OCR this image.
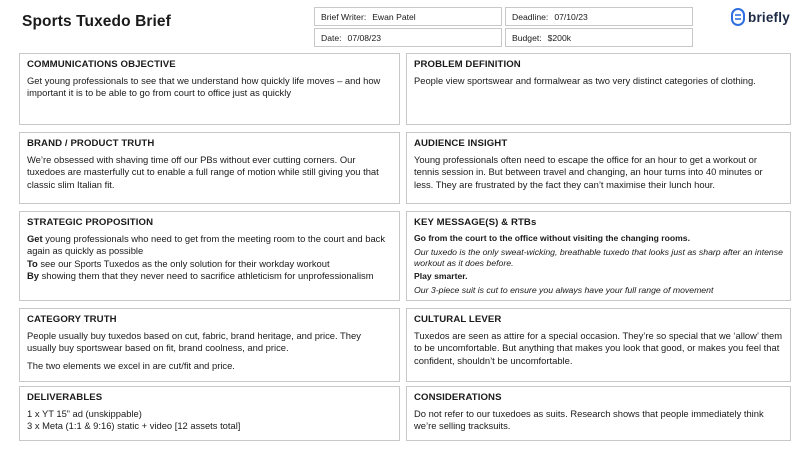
Sports Tuxedo Brief	Brief Writer: Ewan Patel	Deadline: 07/10/23
Date: 07/08/23	Budget: $200k
briefly
COMMUNICATIONS OBJECTIVE

Get young professionals to see that we understand how quickly life moves – and how important it is to be able to go from court to office just as quickly

PROBLEM DEFINITION

People view sportswear and formalwear as two very distinct categories of clothing.

BRAND / PRODUCT TRUTH

We’re obsessed with shaving time off our PBs without ever cutting corners. Our tuxedoes are masterfully cut to enable a full range of motion while still giving you that classic slim Italian fit.

AUDIENCE INSIGHT

Young professionals often need to escape the office for an hour to get a workout or tennis session in. But between travel and changing, an hour turns into 40 minutes or less. They are frustrated by the fact they can’t maximise their lunch hour.

STRATEGIC PROPOSITION

Get young professionals who need to get from the meeting room to the court and back again as quickly as possible

To see our Sports Tuxedos as the only solution for their workday workout

By showing them that they never need to sacrifice athleticism for unprofessionalism

KEY MESSAGE(S) & RTBs
Go from the court to the office without visiting the changing rooms.
Our tuxedo is the only sweat-wicking, breathable tuxedo that looks just as sharp after an intense workout as it does before.
Play smarter.
Our 3-piece suit is cut to ensure you always have your full range of movement
CATEGORY TRUTH

People usually buy tuxedos based on cut, fabric, brand heritage, and price. They usually buy sportswear based on fit, brand coolness, and price.

The two elements we excel in are cut/fit and price.

CULTURAL LEVER

Tuxedos are seen as attire for a special occasion. They’re so special that we ‘allow’ them to be uncomfortable. But anything that makes you look that good, or makes you feel that confident, shouldn’t be uncomfortable.

DELIVERABLES

1 x YT 15” ad (unskippable)

3 x Meta (1:1 & 9:16) static + video [12 assets total]

CONSIDERATIONS

Do not refer to our tuxedoes as suits. Research shows that people immediately think we’re selling tracksuits.
